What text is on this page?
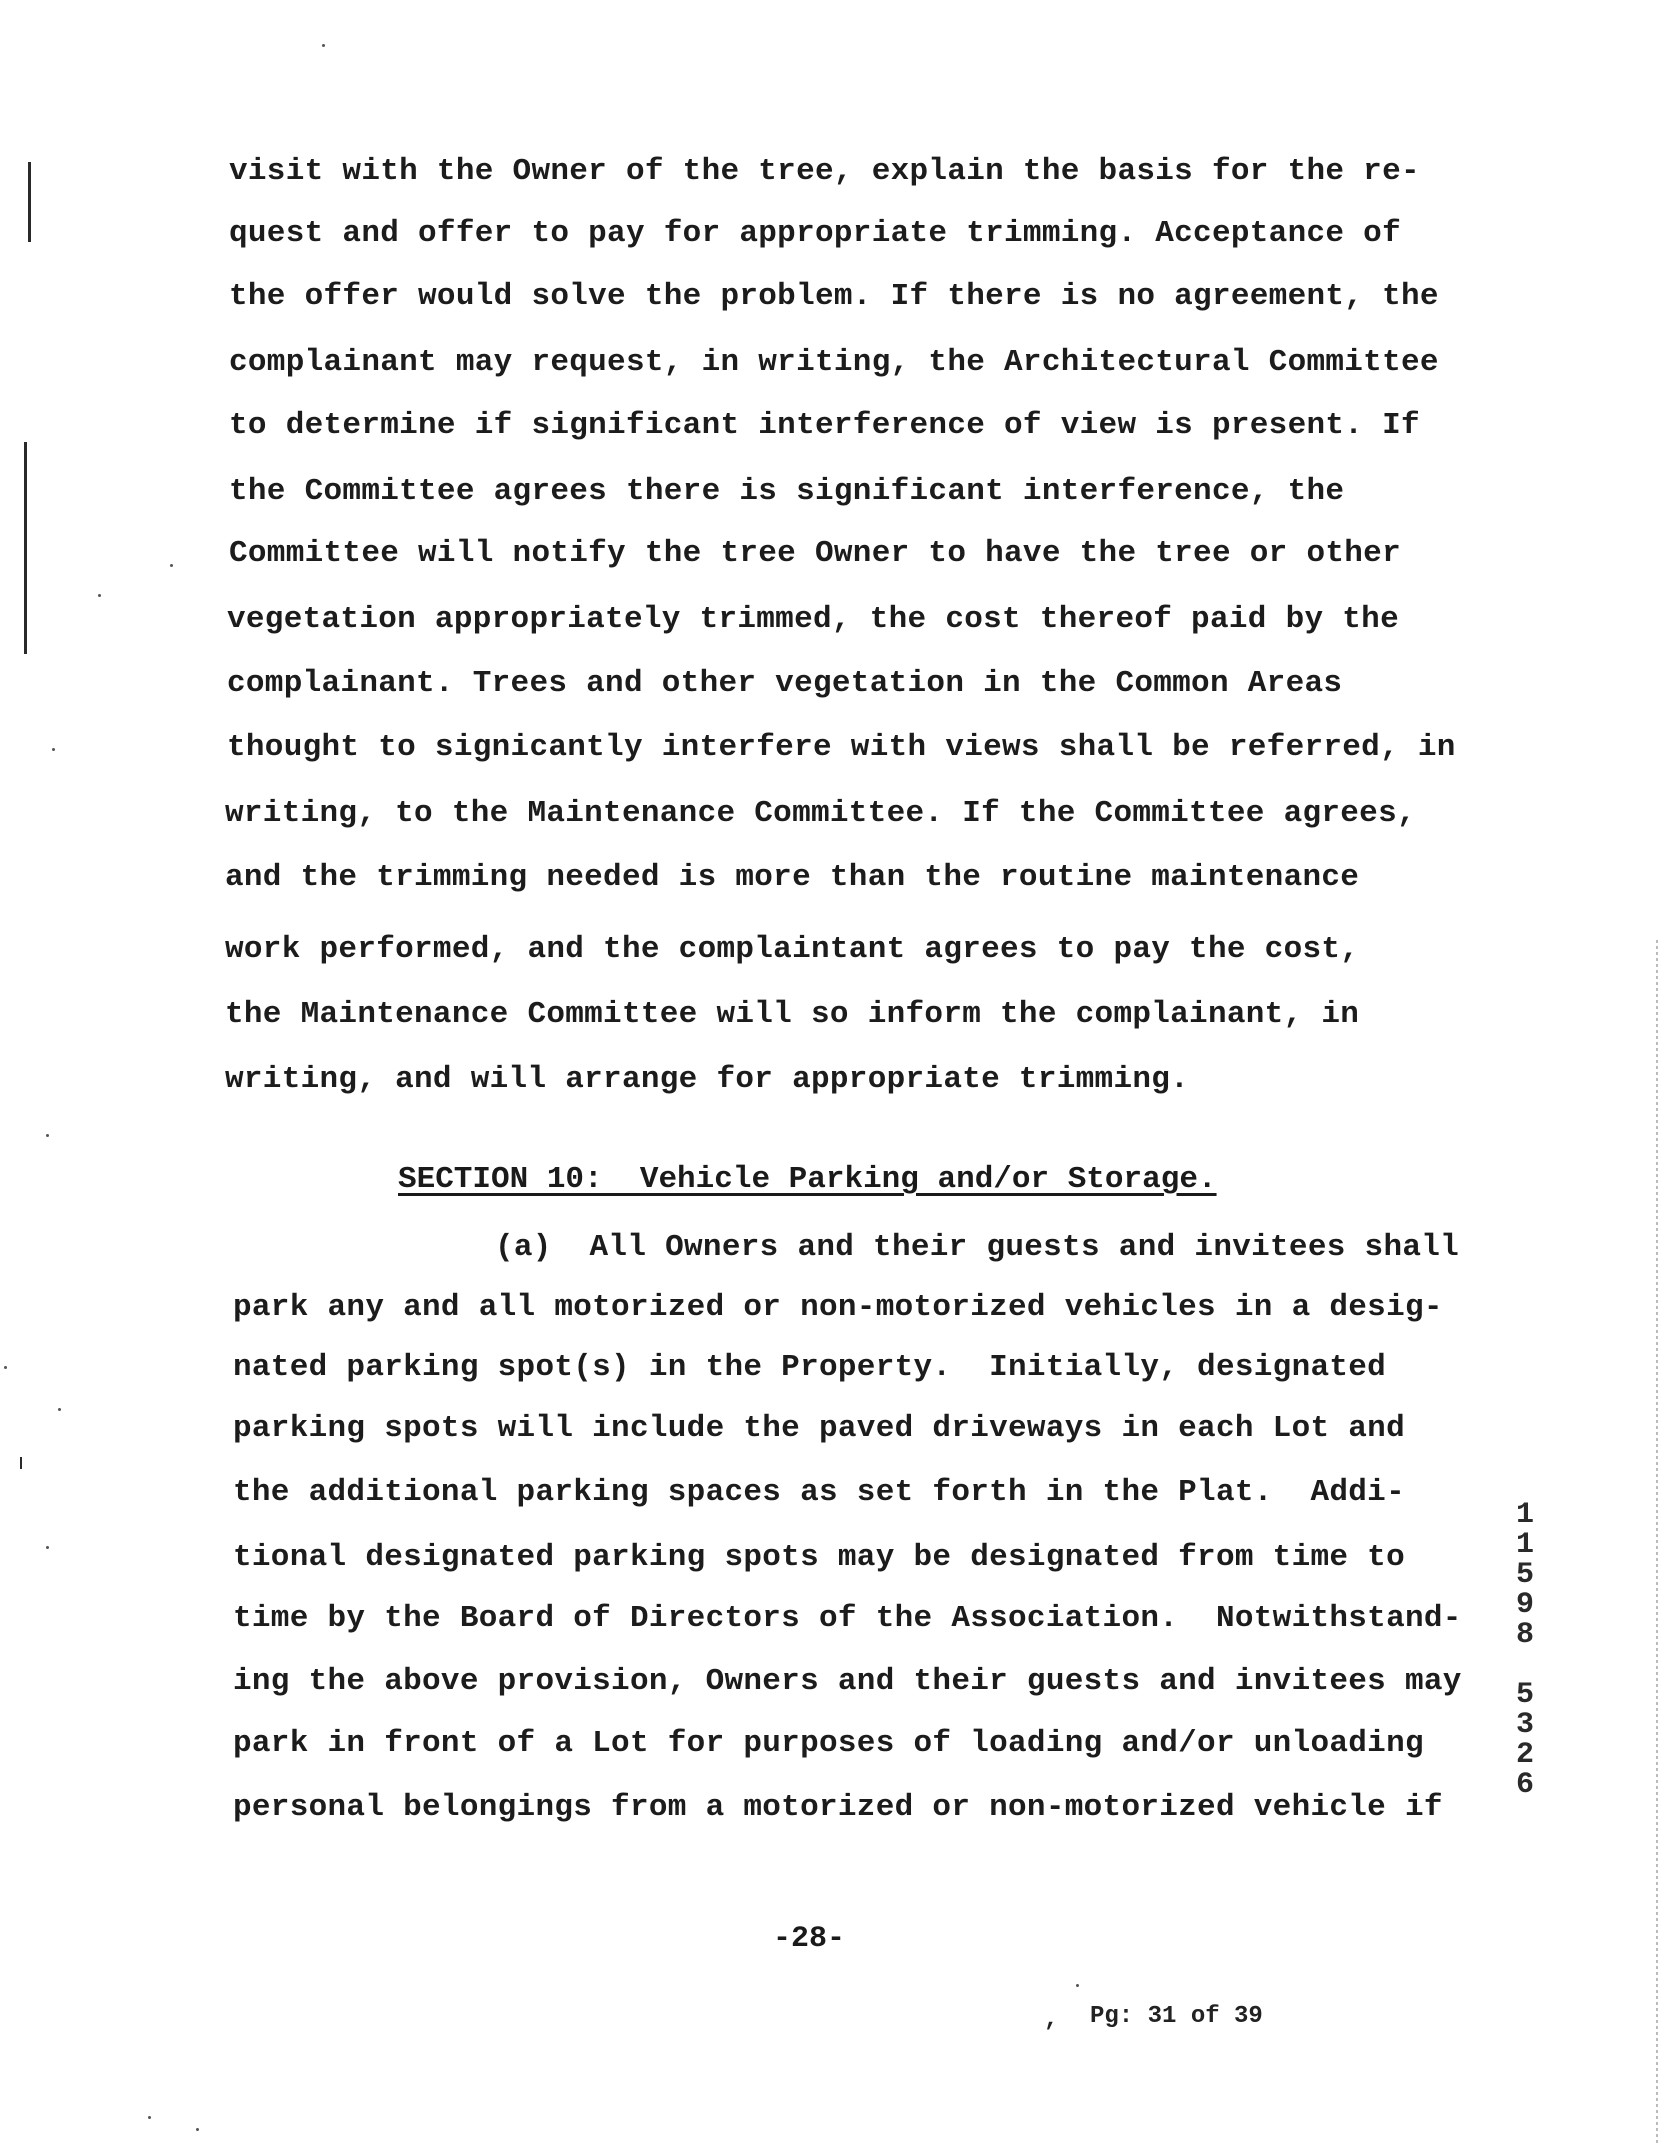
visit with the Owner of the tree, explain the basis for the re-
quest and offer to pay for appropriate trimming. Acceptance of
the offer would solve the problem. If there is no agreement, the
complainant may request, in writing, the Architectural Committee
to determine if significant interference of view is present. If
the Committee agrees there is significant interference, the
Committee will notify the tree Owner to have the tree or other
vegetation appropriately trimmed, the cost thereof paid by the
complainant. Trees and other vegetation in the Common Areas
thought to signicantly interfere with views shall be referred, in
writing, to the Maintenance Committee. If the Committee agrees,
and the trimming needed is more than the routine maintenance
work performed, and the complaintant agrees to pay the cost,
the Maintenance Committee will so inform the complainant, in
writing, and will arrange for appropriate trimming.
SECTION 10:  Vehicle Parking and/or Storage.
(a)  All Owners and their guests and invitees shall
park any and all motorized or non-motorized vehicles in a desig-
nated parking spot(s) in the Property.  Initially, designated
parking spots will include the paved driveways in each Lot and
the additional parking spaces as set forth in the Plat.  Addi-
tional designated parking spots may be designated from time to
time by the Board of Directors of the Association.  Notwithstand-
ing the above provision, Owners and their guests and invitees may
park in front of a Lot for purposes of loading and/or unloading
personal belongings from a motorized or non-motorized vehicle if
1
1
5
9
8

5
3
2
6
-28-
, Pg: 31 of 39
